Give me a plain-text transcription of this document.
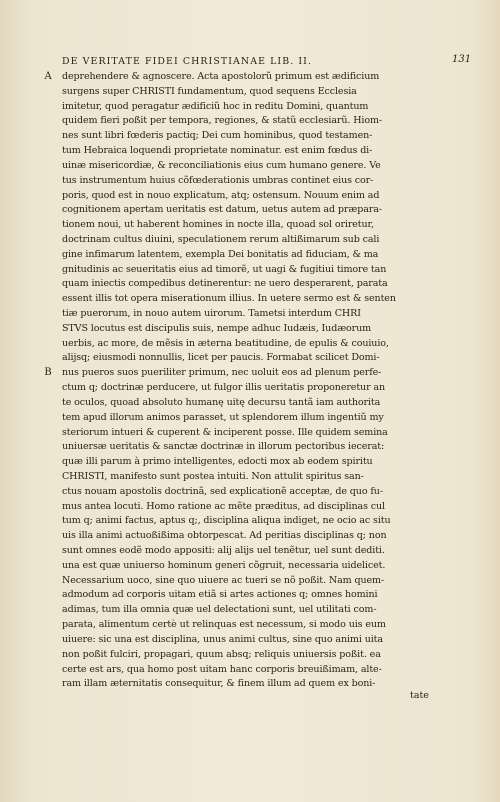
DE VERITATE FIDEI CHRISTIANAE LIB. II.	131
A	deprehendere & agnoscere. Acta apostolorũ primum est ædificium
surgens super CHRISTI fundamentum, quod sequens Ecclesia
imitetur, quod peragatur ædificiũ hoc in reditu Domini, quantum
quidem fieri poßit per tempora, regiones, & statũ ecclesiarũ. Hiom-
nes sunt libri fœderis pactiq; Dei cum hominibus, quod testamen-
tum Hebraica loquendi proprietate nominatur. est enim fœdus di-
uinæ misericordiæ, & reconciliationis eius cum humano genere. Ve
tus instrumentum huius cõfœderationis umbras continet eius cor-
poris, quod est in nouo explicatum, atq; ostensum. Nouum enim ad
cognitionem apertam ueritatis est datum, uetus autem ad præpara-
tionem noui, ut haberent homines in nocte illa, quoad sol oriretur,
doctrinam cultus diuini, speculationem rerum altißimarum sub cali
gine infimarum latentem, exempla Dei bonitatis ad fiduciam, & ma
gnitudinis ac seueritatis eius ad timorẽ, ut uagi & fugitiui timore tan
quam iniectis compedibus detinerentur: ne uero desperarent, parata
essent illis tot opera miserationum illius. In uetere sermo est & senten
tiæ puerorum, in nouo autem uirorum. Tametsi interdum CHRI
STVS locutus est discipulis suis, nempe adhuc Iudæis, Iudæorum
uerbis, ac more, de mẽsis in æterna beatitudine, de epulis & couiuio,
alijsq; eiusmodi nonnullis, licet per paucis. Formabat scilicet Domi-
B	nus pueros suos pueriliter primum, nec uoluit eos ad plenum perfe-
ctum q; doctrinæ perducere, ut fulgor illis ueritatis proponeretur an
te oculos, quoad absoluto humanę uitę decursu tantã iam authorita
tem apud illorum animos parasset, ut splendorem illum ingentiũ my
steriorum intueri & cuperent & inciperent posse. Ille quidem semina
uniuersæ ueritatis & sanctæ doctrinæ in illorum pectoribus iecerat:
quæ illi parum à primo intelligentes, edocti mox ab eodem spiritu
CHRISTI, manifesto sunt postea intuiti. Non attulit spiritus san-
ctus nouam apostolis doctrinã, sed explicationẽ acceptæ, de quo fu-
mus antea locuti. Homo ratione ac mẽte præditus, ad disciplinas cul
tum q; animi factus, aptus q;, disciplina aliqua indiget, ne ocio ac situ
uis illa animi actuoßißima obtorpescat. Ad peritias disciplinas q; non
sunt omnes eodẽ modo appositi: alij alijs uel tenẽtur, uel sunt dediti.
una est quæ uniuerso hominum generi cõgruit, necessaria uidelicet.
Necessarium uoco, sine quo uiuere ac tueri se nõ poßit. Nam quem-
admodum ad corporis uitam etiã si artes actiones q; omnes homini
adimas, tum illa omnia quæ uel delectationi sunt, uel utilitati com-
parata, alimentum certè ut relinquas est necessum, si modo uis eum
uiuere: sic una est disciplina, unus animi cultus, sine quo animi uita
non poßit fulciri, propagari, quum absq; reliquis uniuersis poßit. ea
certe est ars, qua homo post uitam hanc corporis breuißimam, alte-
ram illam æternitatis consequitur, & finem illum ad quem ex boni-
tate
